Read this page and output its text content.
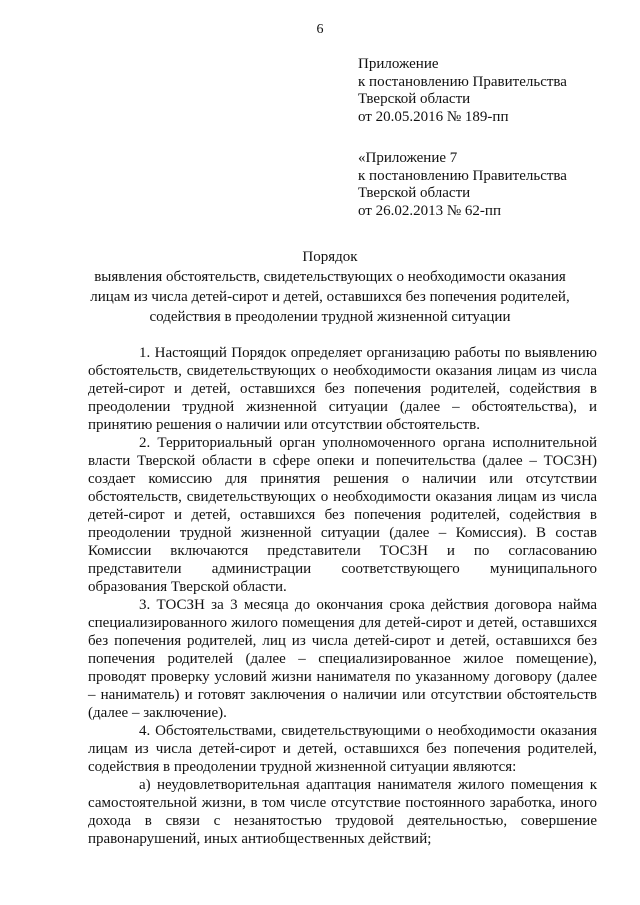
6
Приложение
к постановлению Правительства
Тверской области
от 20.05.2016 № 189-пп
«Приложение 7
к постановлению Правительства
Тверской области
от 26.02.2013 № 62-пп
Порядок
выявления обстоятельств, свидетельствующих о необходимости оказания
лицам из числа детей-сирот и детей, оставшихся без попечения родителей,
содействия в преодолении трудной жизненной ситуации

1. Настоящий Порядок определяет организацию работы по выявлению обстоятельств, свидетельствующих о необходимости оказания лицам из числа детей-сирот и детей, оставшихся без попечения родителей, содействия в преодолении трудной жизненной ситуации (далее – обстоятельства), и принятию решения о наличии или отсутствии обстоятельств.

2. Территориальный орган уполномоченного органа исполнительной власти Тверской области в сфере опеки и попечительства (далее – ТОСЗН) создает комиссию для принятия решения о наличии или отсутствии обстоятельств, свидетельствующих о необходимости оказания лицам из числа детей-сирот и детей, оставшихся без попечения родителей, содействия в преодолении трудной жизненной ситуации (далее – Комиссия). В состав Комиссии включаются представители ТОСЗН и по согласованию представители администрации соответствующего муниципального образования Тверской области.

3. ТОСЗН за 3 месяца до окончания срока действия договора найма специализированного жилого помещения для детей-сирот и детей, оставшихся без попечения родителей, лиц из числа детей-сирот и детей, оставшихся без попечения родителей (далее – специализированное жилое помещение), проводят проверку условий жизни нанимателя по указанному договору (далее – наниматель) и готовят заключения о наличии или отсутствии обстоятельств (далее – заключение).

4. Обстоятельствами, свидетельствующими о необходимости оказания лицам из числа детей-сирот и детей, оставшихся без попечения родителей, содействия в преодолении трудной жизненной ситуации являются:

а) неудовлетворительная адаптация нанимателя жилого помещения к самостоятельной жизни, в том числе отсутствие постоянного заработка, иного дохода в связи с незанятостью трудовой деятельностью, совершение правонарушений, иных антиобщественных действий;
